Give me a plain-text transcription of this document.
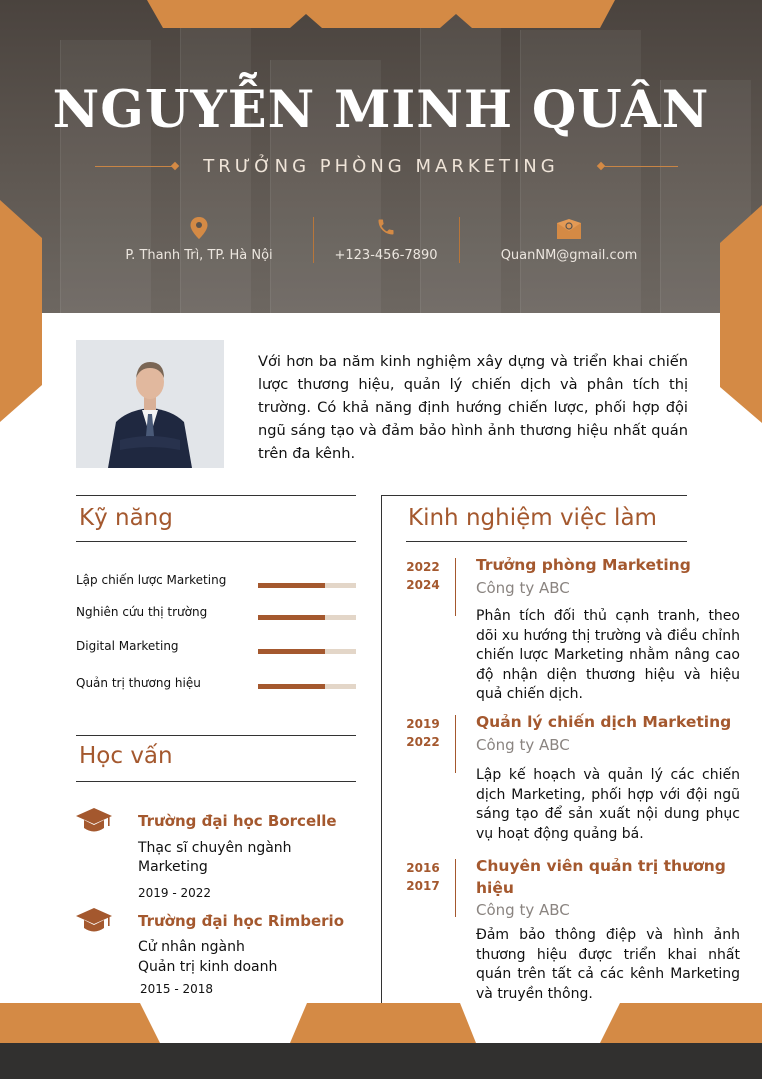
NGUYỄN MINH QUÂN
TRƯỞNG PHÒNG MARKETING
P. Thanh Trì, TP. Hà Nội	+123-456-7890	QuanNM@gmail.com
Với hơn ba năm kinh nghiệm xây dựng và triển khai chiến lược thương hiệu, quản lý chiến dịch và phân tích thị trường. Có khả năng định hướng chiến lược, phối hợp đội ngũ sáng tạo và đảm bảo hình ảnh thương hiệu nhất quán trên đa kênh.
Kỹ năng
Lập chiến lược Marketing
Nghiên cứu thị trường
Digital Marketing
Quản trị thương hiệu
Học vấn
Trường đại học Borcelle
Thạc sĩ chuyên ngành
Marketing
2019 - 2022
Trường đại học Rimberio
Cử nhân ngành
Quản trị kinh doanh
2015 - 2018
Kinh nghiệm việc làm
2022
2024
Trưởng phòng Marketing
Công ty ABC
Phân tích đối thủ cạnh tranh, theo dõi xu hướng thị trường và điều chỉnh chiến lược Marketing nhằm nâng cao độ nhận diện thương hiệu và hiệu quả chiến dịch.
2019
2022
Quản lý chiến dịch Marketing
Công ty ABC
Lập kế hoạch và quản lý các chiến dịch Marketing, phối hợp với đội ngũ sáng tạo để sản xuất nội dung phục vụ hoạt động quảng bá.
2016
2017
Chuyên viên quản trị thương hiệu
Công ty ABC
Đảm bảo thông điệp và hình ảnh thương hiệu được triển khai nhất quán trên tất cả các kênh Marketing và truyền thông.
